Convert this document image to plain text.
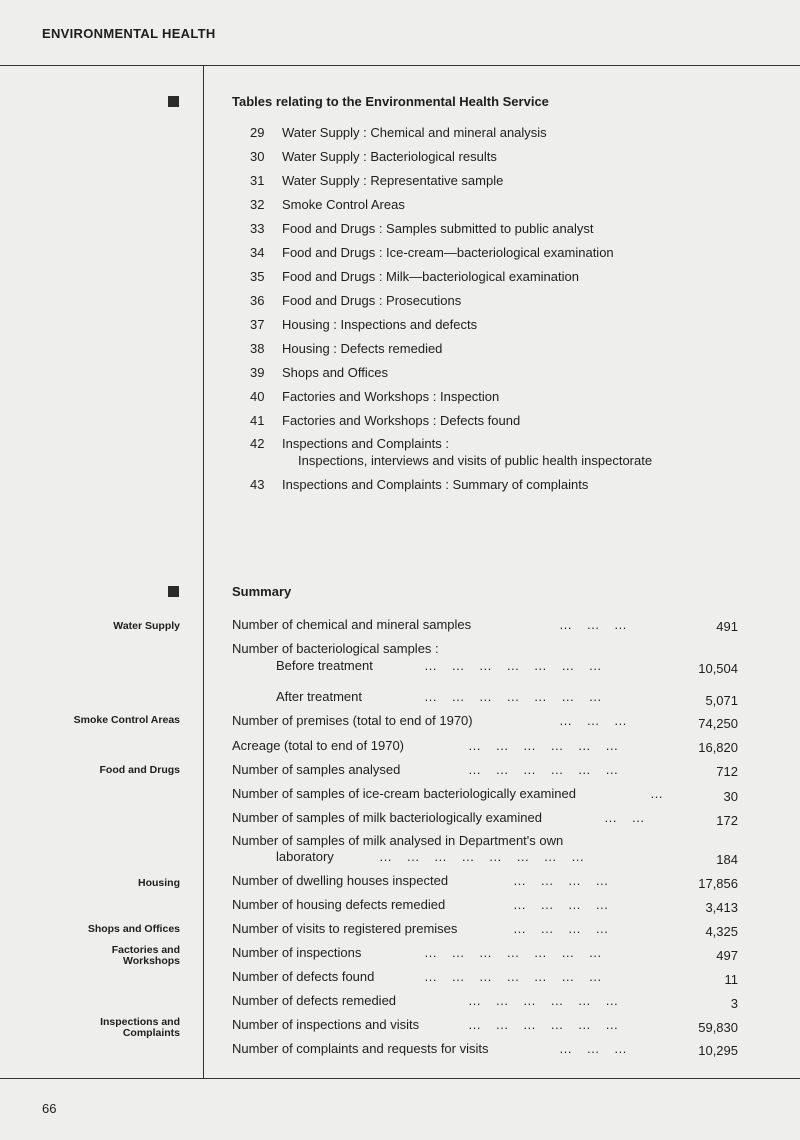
ENVIRONMENTAL HEALTH
Tables relating to the Environmental Health Service
29 Water Supply : Chemical and mineral analysis
30 Water Supply : Bacteriological results
31 Water Supply : Representative sample
32 Smoke Control Areas
33 Food and Drugs : Samples submitted to public analyst
34 Food and Drugs : Ice-cream—bacteriological examination
35 Food and Drugs : Milk—bacteriological examination
36 Food and Drugs : Prosecutions
37 Housing : Inspections and defects
38 Housing : Defects remedied
39 Shops and Offices
40 Factories and Workshops : Inspection
41 Factories and Workshops : Defects found
42 Inspections and Complaints :
Inspections, interviews and visits of public health inspectorate
43 Inspections and Complaints : Summary of complaints
Summary
Water Supply
Smoke Control Areas
Food and Drugs
Housing
Shops and Offices
Factories and
Workshops
Inspections and
Complaints
Number of chemical and mineral samples	…    …    …	491
Number of bacteriological samples :
Before treatment	…    …    …    …    …    …    …	10,504
After treatment	…    …    …    …    …    …    …	5,071
Number of premises (total to end of 1970)	…    …    …	74,250
Acreage (total to end of 1970)	…    …    …    …    …    …	16,820
Number of samples analysed	…    …    …    …    …    …	712
Number of samples of ice-cream bacteriologically examined	…	30
Number of samples of milk bacteriologically examined	…    …	172
Number of samples of milk analysed in Department's own
laboratory	…    …    …    …    …    …    …    …	184
Number of dwelling houses inspected	…    …    …    …	17,856
Number of housing defects remedied	…    …    …    …	3,413
Number of visits to registered premises	…    …    …    …	4,325
Number of inspections	…    …    …    …    …    …    …	497
Number of defects found	…    …    …    …    …    …    …	11
Number of defects remedied	…    …    …    …    …    …	3
Number of inspections and visits	…    …    …    …    …    …	59,830
Number of complaints and requests for visits	…    …    …	10,295
66
